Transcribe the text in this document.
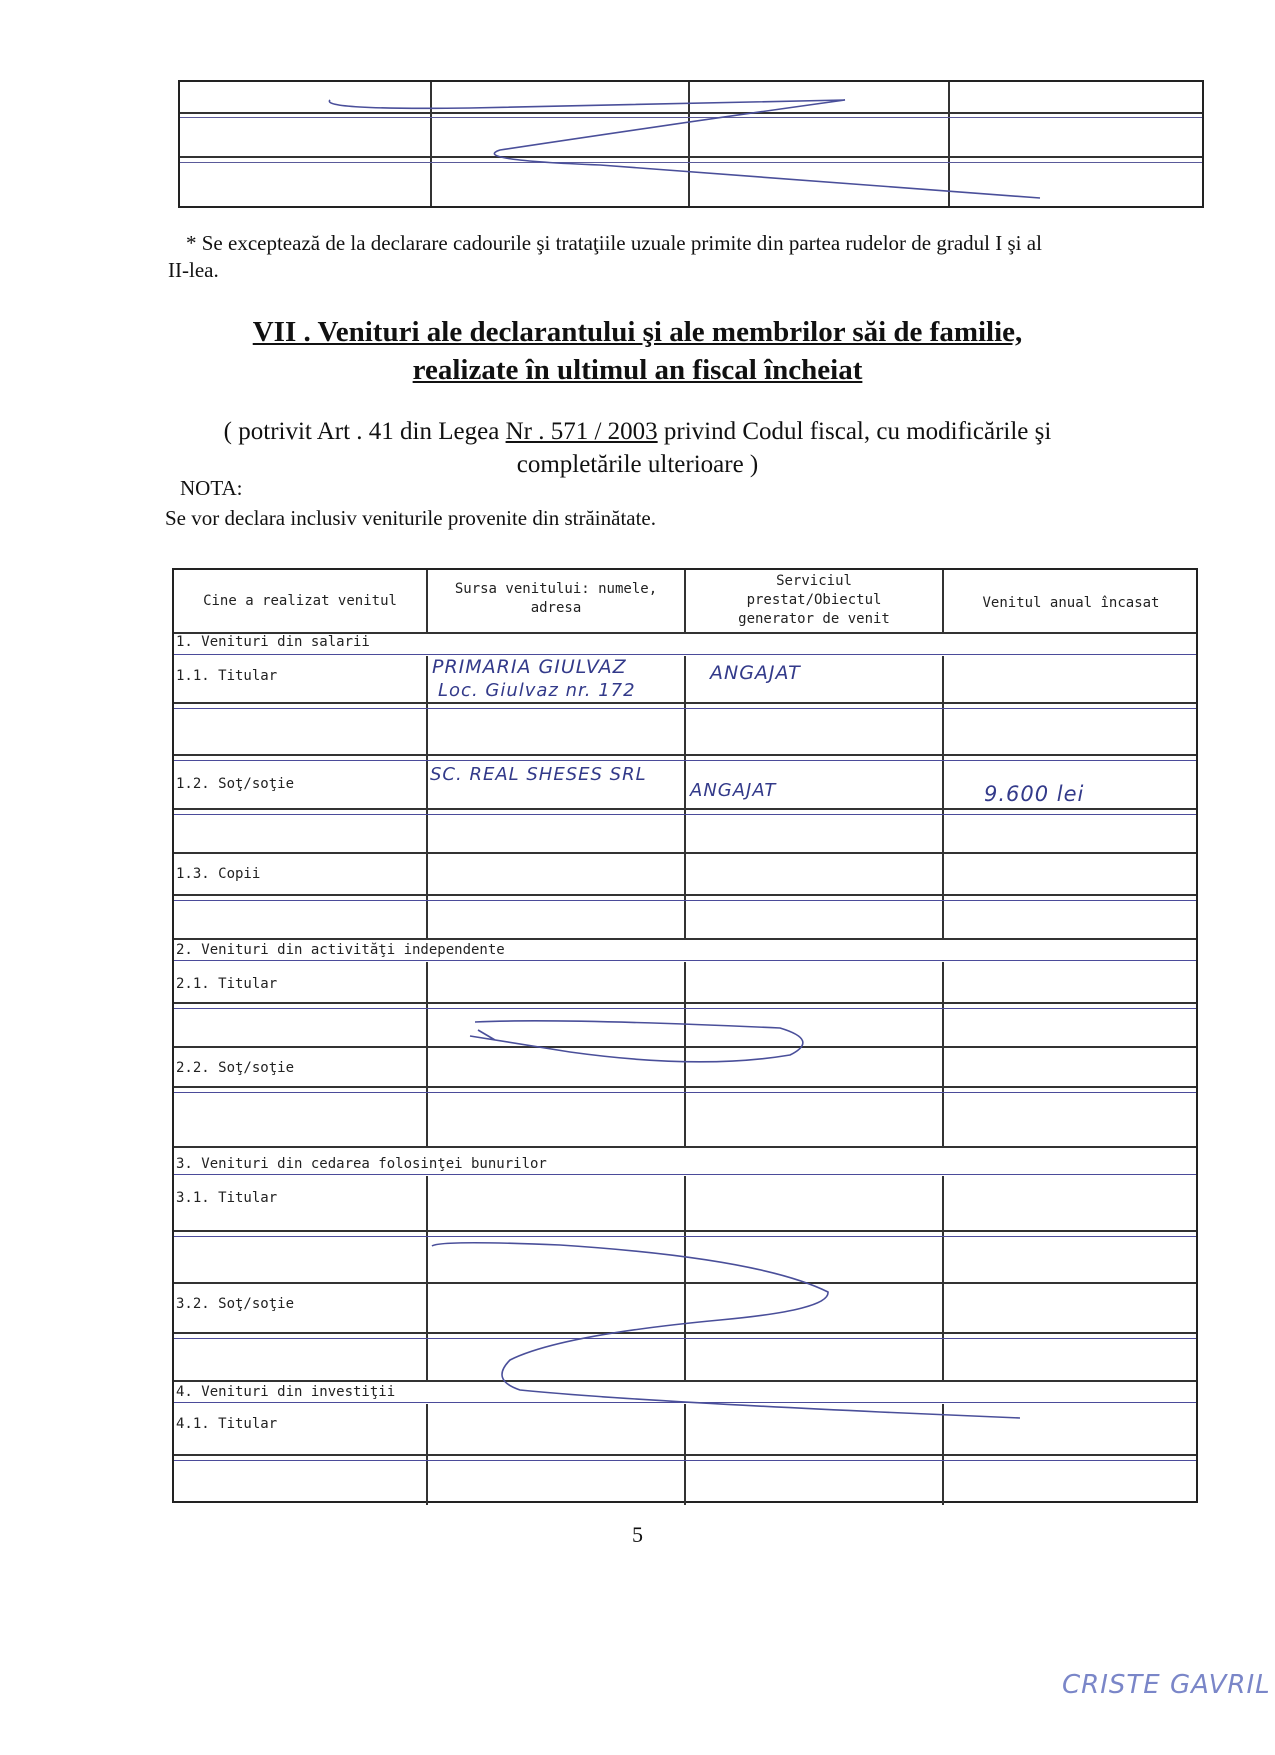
* Se exceptează de la declarare cadourile şi trataţiile uzuale primite din partea rudelor de gradul I şi al
II-lea.
VII . Venituri ale declarantului şi ale membrilor săi de familie,
realizate în ultimul an fiscal încheiat
( potrivit Art . 41 din Legea Nr . 571 / 2003 privind Codul fiscal, cu modificările şi
completările ulterioare )
NOTA:
Se vor declara inclusiv veniturile provenite din străinătate.
Cine a realizat venitul
Sursa venitului: numele,
adresa
Serviciul
prestat/Obiectul
generator de venit
Venitul anual încasat
1. Venituri din salarii
1.1. Titular
1.2. Soţ/soţie
1.3. Copii
2. Venituri din activităţi independente
2.1. Titular
2.2. Soţ/soţie
3. Venituri din cedarea folosinţei bunurilor
3.1. Titular
3.2. Soţ/soţie
4. Venituri din investiţii
4.1. Titular
PRIMARIA GIULVAZ
Loc. Giulvaz nr. 172
ANGAJAT
SC. REAL SHESES SRL
ANGAJAT	9.600 lei
5
CRISTE GAVRIL
